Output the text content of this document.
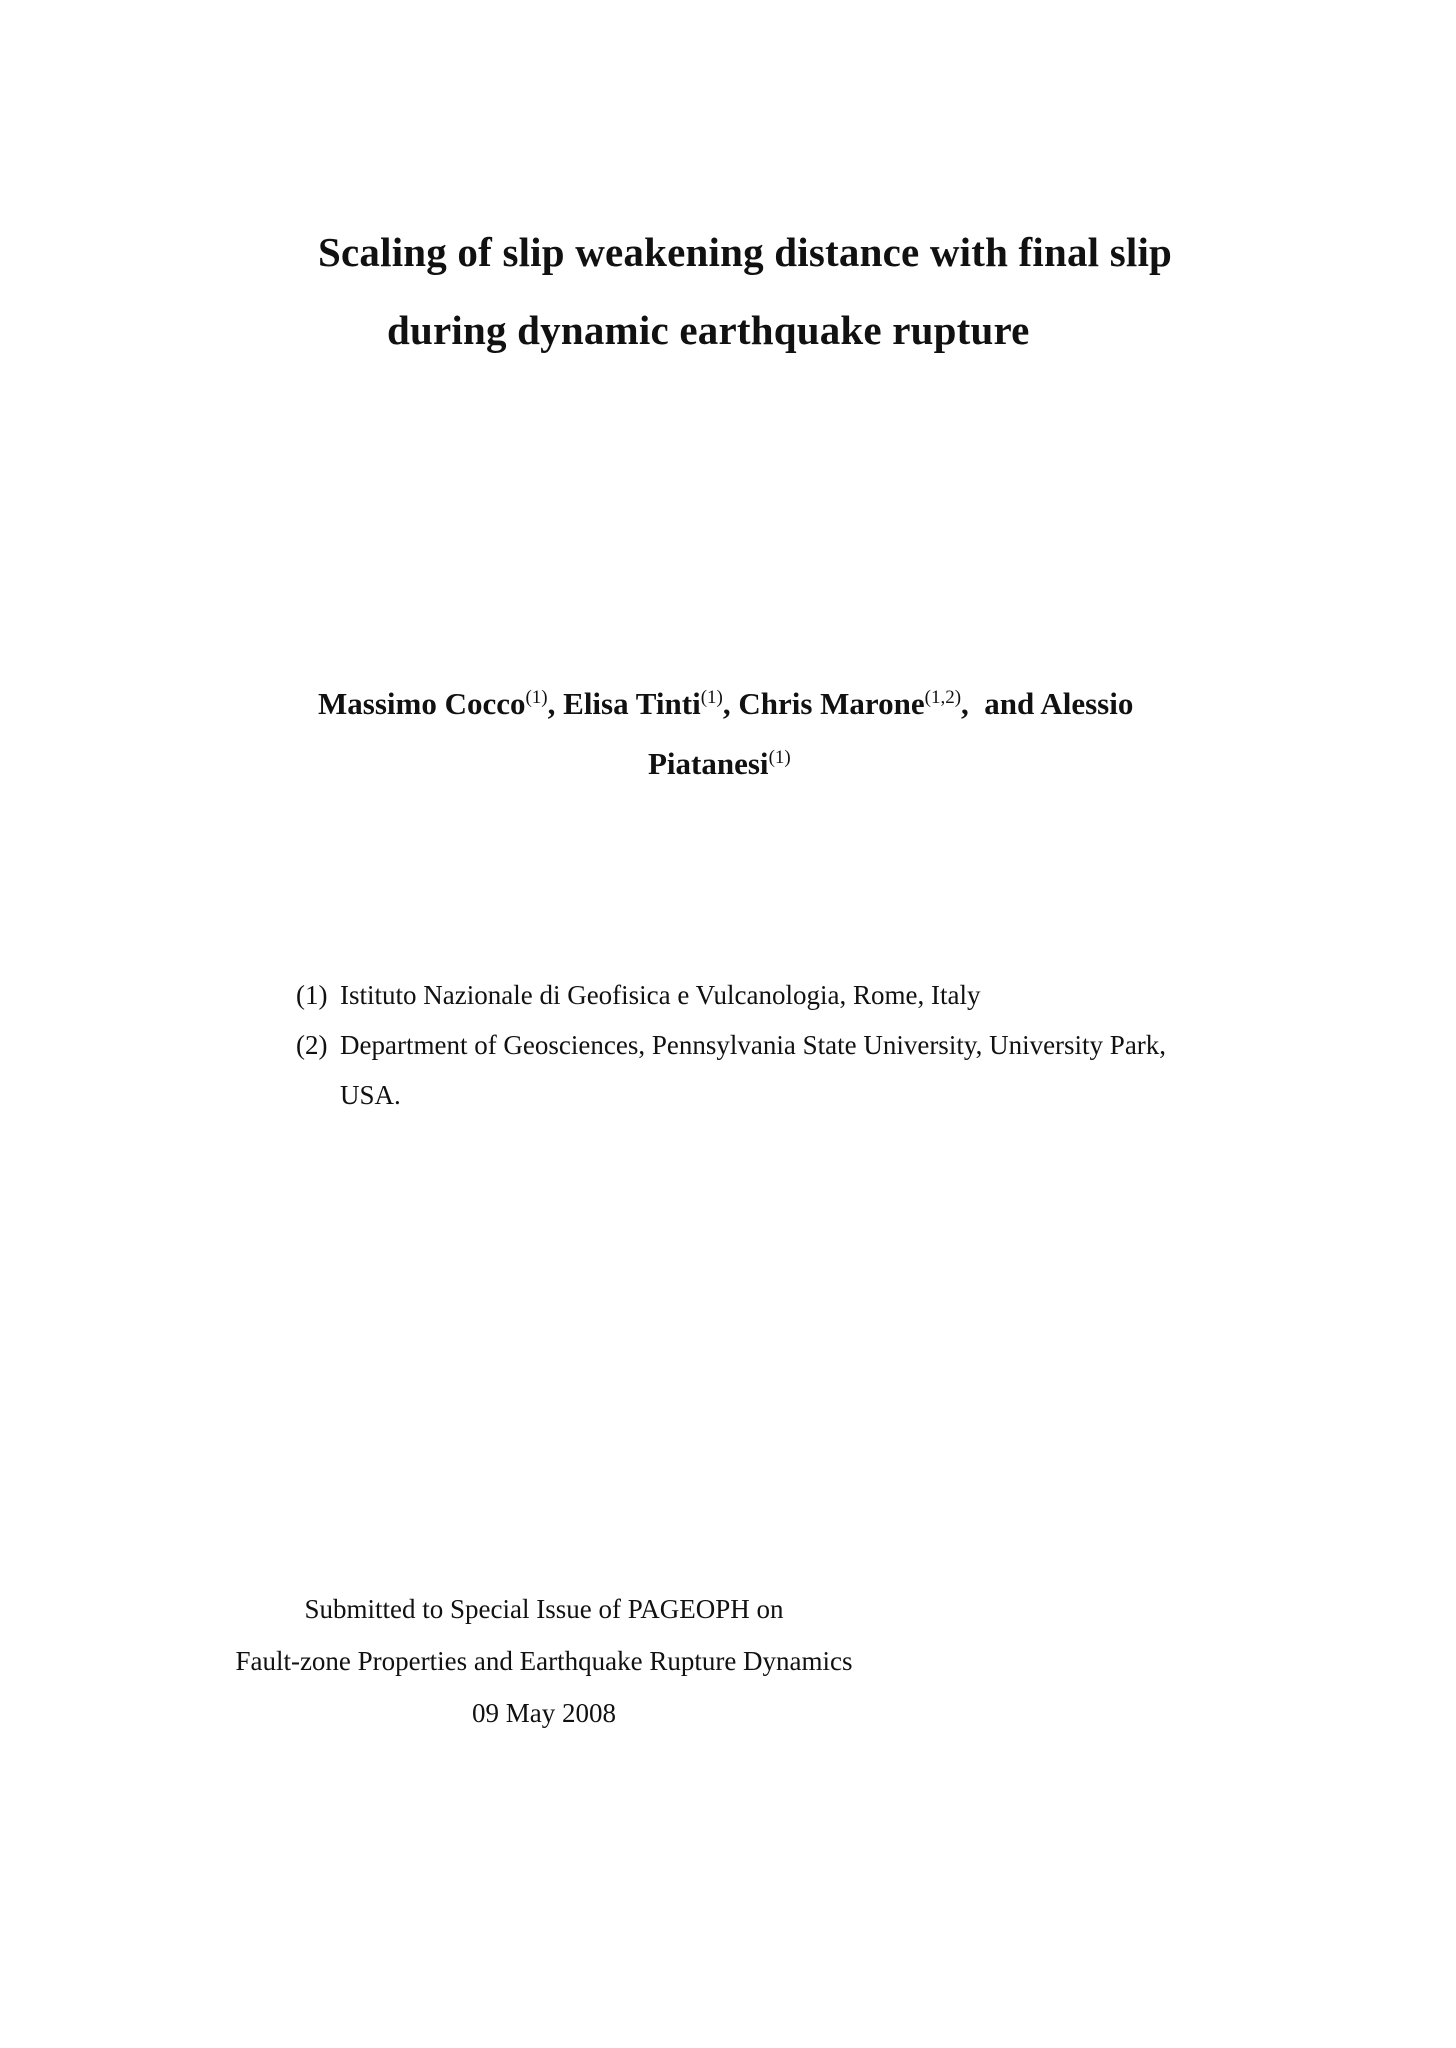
Scaling of slip weakening distance with final slip
during dynamic earthquake rupture
Massimo Cocco$^{(1)}$, Elisa Tinti$^{(1)}$, Chris Marone$^{(1,2)}$,  and Alessio
Piatanesi$^{(1)}$
(1) Istituto Nazionale di Geofisica e Vulcanologia, Rome, Italy
(2) Department of Geosciences, Pennsylvania State University, University Park,
USA.
Submitted to Special Issue of PAGEOPH on
Fault-zone Properties and Earthquake Rupture Dynamics
09 May 2008
